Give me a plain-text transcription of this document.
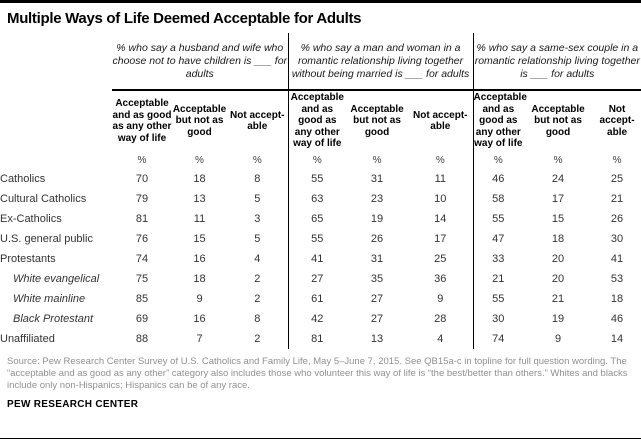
Multiple Ways of Life Deemed Acceptable for Adults
	% who say a husband and wife who choose not to have children is ___ for adults			% who say a man and woman in a romantic relationship living together without being married is ___ for adults			% who say a same-sex couple in a romantic relationship living together is ___ for adults		
	Acceptable and as good as any other way of life	Acceptable but not as good	Not acceptable	Acceptable and as good as any other way of life	Acceptable but not as good	Not acceptable	Acceptable and as good as any other way of life	Acceptable but not as good	Not acceptable
	%	%	%	%	%	%	%	%	%
Catholics	70	18	8	55	31	11	46	24	25
Cultural Catholics	79	13	5	63	23	10	58	17	21
Ex-Catholics	81	11	3	65	19	14	55	15	26
U.S. general public	76	15	5	55	26	17	47	18	30
Protestants	74	16	4	41	31	25	33	20	41
White evangelical	75	18	2	27	35	36	21	20	53
White mainline	85	9	2	61	27	9	55	21	18
Black Protestant	69	16	8	42	27	28	30	19	46
Unaffiliated	88	7	2	81	13	4	74	9	14

Source: Pew Research Center Survey of U.S. Catholics and Family Life, May 5–June 7, 2015. See QB15a-c in topline for full question wording. The “acceptable and as good as any other” category also includes those who volunteer this way of life is “the best/better than others.” Whites and blacks include only non-Hispanics; Hispanics can be of any race.

PEW RESEARCH CENTER
